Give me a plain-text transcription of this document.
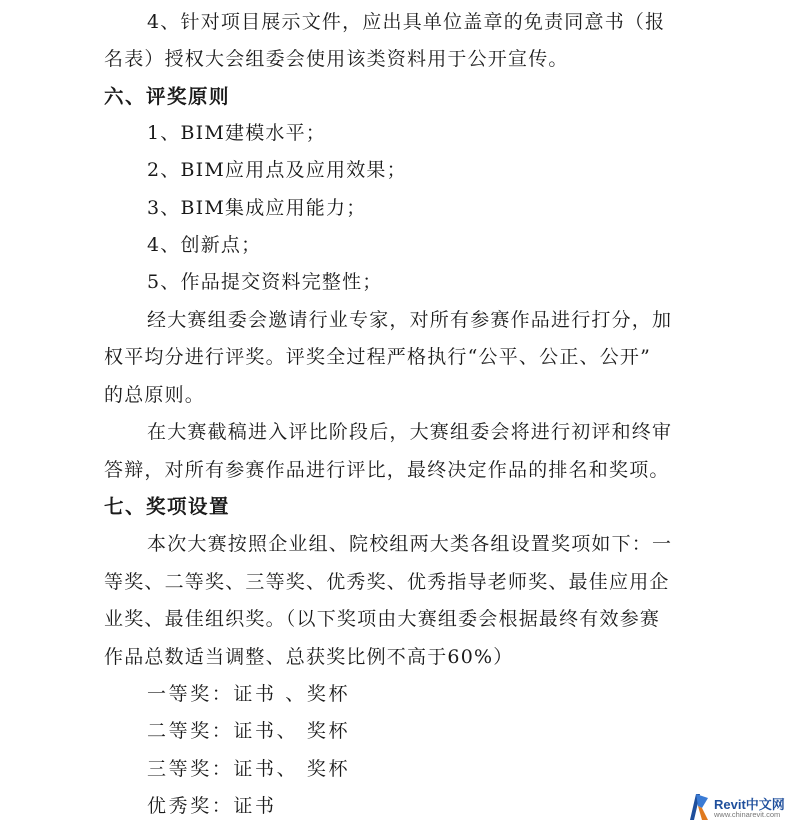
4、针对项目展示文件，应出具单位盖章的免责同意书（报
名表）授权大会组委会使用该类资料用于公开宣传。
六、评奖原则
1、BIM建模水平；
2、BIM应用点及应用效果；
3、BIM集成应用能力；
4、创新点；
5、作品提交资料完整性；
经大赛组委会邀请行业专家，对所有参赛作品进行打分，加
权平均分进行评奖。评奖全过程严格执行“公平、公正、公开”
的总原则。
在大赛截稿进入评比阶段后，大赛组委会将进行初评和终审
答辩，对所有参赛作品进行评比，最终决定作品的排名和奖项。
七、奖项设置
本次大赛按照企业组、院校组两大类各组设置奖项如下：一
等奖、二等奖、三等奖、优秀奖、优秀指导老师奖、最佳应用企
业奖、最佳组织奖。（以下奖项由大赛组委会根据最终有效参赛
作品总数适当调整、总获奖比例不高于60%）
一等奖：证书 、奖杯
二等奖：证书、 奖杯
三等奖：证书、 奖杯
优秀奖：证书	Revit中文网
www.chinarevit.com
